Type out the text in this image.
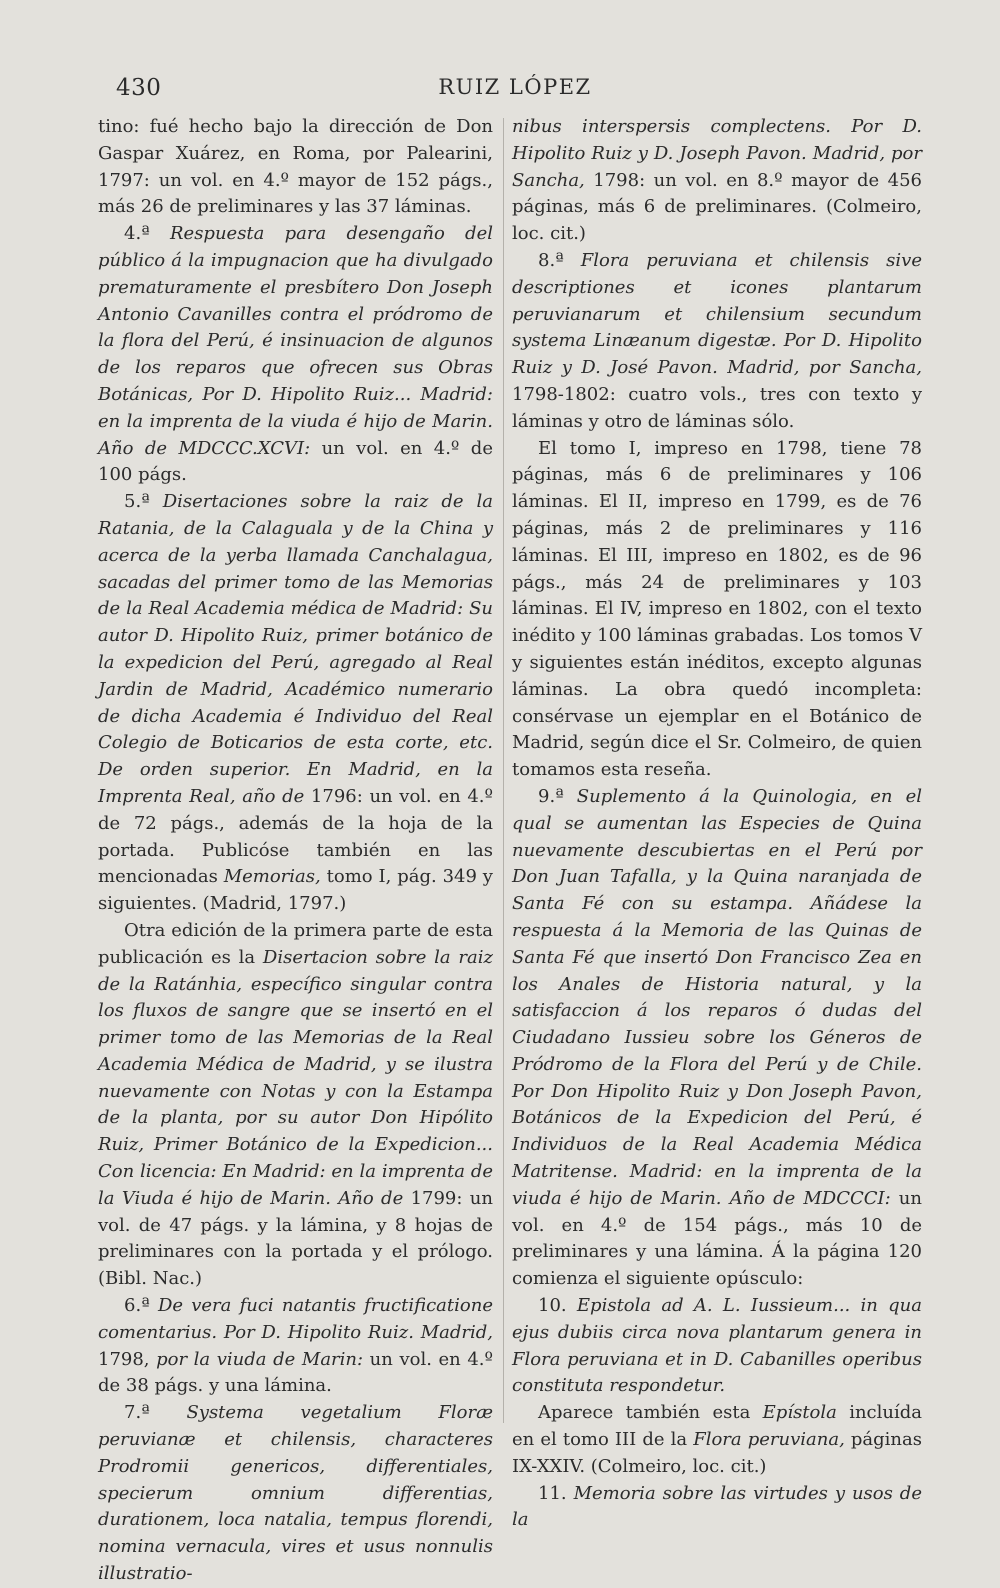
430	RUIZ LÓPEZ

tino: fué hecho bajo la dirección de Don Gaspar Xuárez, en Roma, por Palearini, 1797: un vol. en 4.º mayor de 152 págs., más 26 de preliminares y las 37 láminas.

4.ª Respuesta para desengaño del público á la impugnacion que ha divulgado prematuramente el presbítero Don Joseph Antonio Cavanilles contra el pródromo de la flora del Perú, é insinuacion de algunos de los reparos que ofrecen sus Obras Botánicas, Por D. Hipolito Ruiz... Madrid: en la imprenta de la viuda é hijo de Marin. Año de MDCCC.XCVI: un vol. en 4.º de 100 págs.

5.ª Disertaciones sobre la raiz de la Ratania, de la Calaguala y de la China y acerca de la yerba llamada Canchalagua, sacadas del primer tomo de las Memorias de la Real Academia médica de Madrid: Su autor D. Hipolito Ruiz, primer botánico de la expedicion del Perú, agregado al Real Jardin de Madrid, Académico numerario de dicha Academia é Individuo del Real Colegio de Boticarios de esta corte, etc. De orden superior. En Madrid, en la Imprenta Real, año de 1796: un vol. en 4.º de 72 págs., además de la hoja de la portada. Publicóse también en las mencionadas Memorias, tomo I, pág. 349 y siguientes. (Madrid, 1797.)

Otra edición de la primera parte de esta publicación es la Disertacion sobre la raiz de la Ratánhia, específico singular contra los fluxos de sangre que se insertó en el primer tomo de las Memorias de la Real Academia Médica de Madrid, y se ilustra nuevamente con Notas y con la Estampa de la planta, por su autor Don Hipólito Ruiz, Primer Botánico de la Expedicion... Con licencia: En Madrid: en la imprenta de la Viuda é hijo de Marin. Año de 1799: un vol. de 47 págs. y la lámina, y 8 hojas de preliminares con la portada y el prólogo. (Bibl. Nac.)

6.ª De vera fuci natantis fructificatione comentarius. Por D. Hipolito Ruiz. Madrid, 1798, por la viuda de Marin: un vol. en 4.º de 38 págs. y una lámina.

7.ª Systema vegetalium Floræ peruvianæ et chilensis, characteres Prodromii genericos, differentiales, specierum omnium differentias, durationem, loca natalia, tempus florendi, nomina vernacula, vires et usus nonnulis illustratio-

nibus interspersis complectens. Por D. Hipolito Ruiz y D. Joseph Pavon. Madrid, por Sancha, 1798: un vol. en 8.º mayor de 456 páginas, más 6 de preliminares. (Colmeiro, loc. cit.)

8.ª Flora peruviana et chilensis sive descriptiones et icones plantarum peruvianarum et chilensium secundum systema Linæanum digestæ. Por D. Hipolito Ruiz y D. José Pavon. Madrid, por Sancha, 1798-1802: cuatro vols., tres con texto y láminas y otro de láminas sólo.

El tomo I, impreso en 1798, tiene 78 páginas, más 6 de preliminares y 106 láminas. El II, impreso en 1799, es de 76 páginas, más 2 de preliminares y 116 láminas. El III, impreso en 1802, es de 96 págs., más 24 de preliminares y 103 láminas. El IV, impreso en 1802, con el texto inédito y 100 láminas grabadas. Los tomos V y siguientes están inéditos, excepto algunas láminas. La obra quedó incompleta: consérvase un ejemplar en el Botánico de Madrid, según dice el Sr. Colmeiro, de quien tomamos esta reseña.

9.ª Suplemento á la Quinologia, en el qual se aumentan las Especies de Quina nuevamente descubiertas en el Perú por Don Juan Tafalla, y la Quina naranjada de Santa Fé con su estampa. Añádese la respuesta á la Memoria de las Quinas de Santa Fé que insertó Don Francisco Zea en los Anales de Historia natural, y la satisfaccion á los reparos ó dudas del Ciudadano Iussieu sobre los Géneros de Pródromo de la Flora del Perú y de Chile. Por Don Hipolito Ruiz y Don Joseph Pavon, Botánicos de la Expedicion del Perú, é Individuos de la Real Academia Médica Matritense. Madrid: en la imprenta de la viuda é hijo de Marin. Año de MDCCCI: un vol. en 4.º de 154 págs., más 10 de preliminares y una lámina. Á la página 120 comienza el siguiente opúsculo:

10. Epistola ad A. L. Iussieum... in qua ejus dubiis circa nova plantarum genera in Flora peruviana et in D. Cabanilles operibus constituta respondetur.

Aparece también esta Epístola incluída en el tomo III de la Flora peruviana, páginas IX-XXIV. (Colmeiro, loc. cit.)

11. Memoria sobre las virtudes y usos de la
